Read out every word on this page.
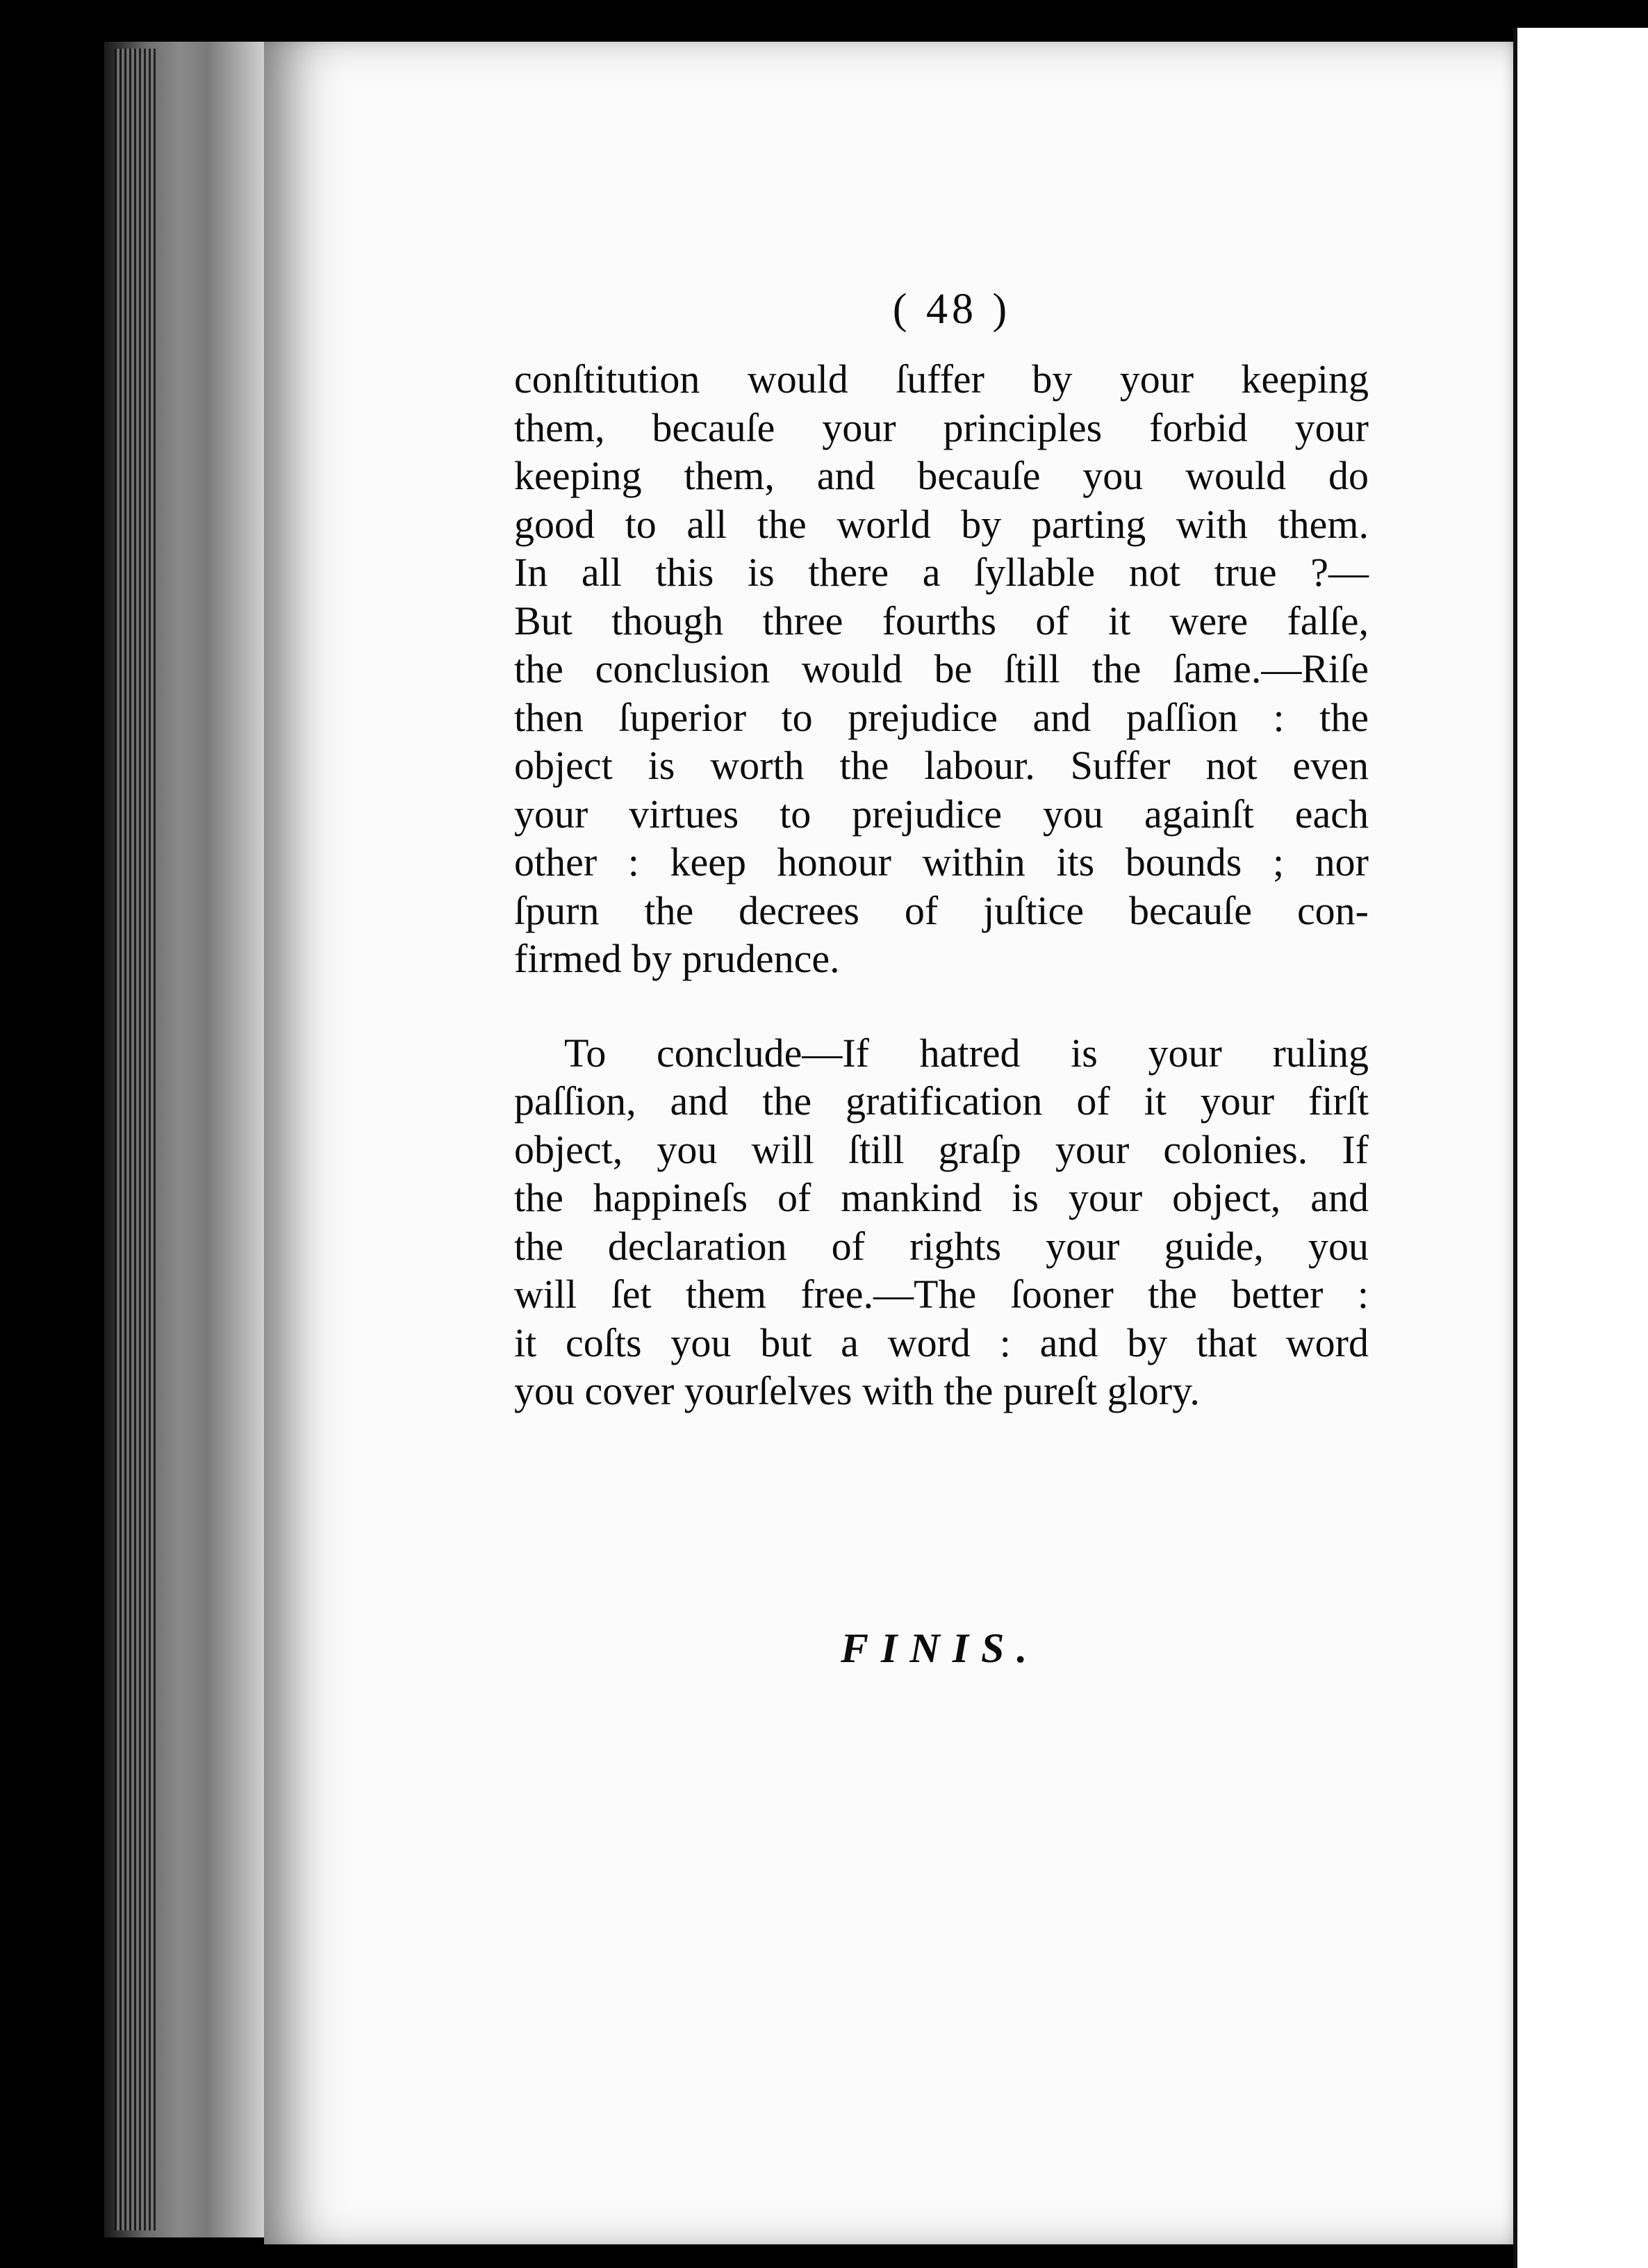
( 48 )
conſtitution would ſuffer by your keeping
them, becauſe your principles forbid your
keeping them, and becauſe you would do
good to all the world by parting with them.
In all this is there a ſyllable not true ?—
But though three fourths of it were falſe,
the conclusion would be ſtill the ſame.—Riſe
then ſuperior to prejudice and paſſion : the
object is worth the labour. Suffer not even
your virtues to prejudice you againſt each
other : keep honour within its bounds ; nor
ſpurn the decrees of juſtice becauſe con-
firmed by prudence.
To conclude—If hatred is your ruling
paſſion, and the gratification of it your firſt
object, you will ſtill graſp your colonies. If
the happineſs of mankind is your object, and
the declaration of rights your guide, you
will ſet them free.—The ſooner the better :
it coſts you but a word : and by that word
you cover yourſelves with the pureſt glory.
FINIS.
